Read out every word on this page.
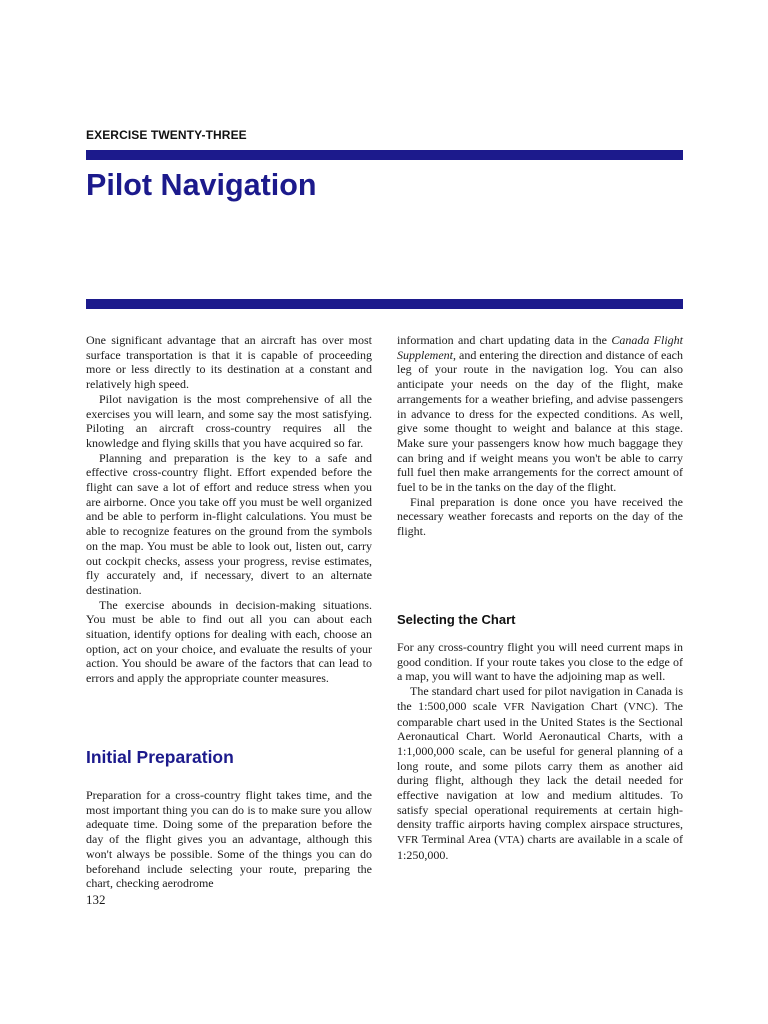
EXERCISE TWENTY-THREE
Pilot Navigation

One significant advantage that an aircraft has over most surface transportation is that it is capable of proceeding more or less directly to its destination at a constant and relatively high speed.

Pilot navigation is the most comprehensive of all the exercises you will learn, and some say the most satisfying. Piloting an aircraft cross-country requires all the knowledge and flying skills that you have acquired so far.

Planning and preparation is the key to a safe and effective cross-country flight. Effort expended before the flight can save a lot of effort and reduce stress when you are airborne. Once you take off you must be well organized and be able to perform in-flight calculations. You must be able to recognize features on the ground from the symbols on the map. You must be able to look out, listen out, carry out cockpit checks, assess your progress, revise estimates, fly accurately and, if necessary, divert to an alternate destination.

The exercise abounds in decision-making situations. You must be able to find out all you can about each situation, identify options for dealing with each, choose an option, act on your choice, and evaluate the results of your action. You should be aware of the factors that can lead to errors and apply the appropriate counter measures.

Initial Preparation

Preparation for a cross-country flight takes time, and the most important thing you can do is to make sure you allow adequate time. Doing some of the preparation before the day of the flight gives you an advantage, although this won't always be possible. Some of the things you can do beforehand include selecting your route, preparing the chart, checking aerodrome

information and chart updating data in the Canada Flight Supplement, and entering the direction and distance of each leg of your route in the navigation log. You can also anticipate your needs on the day of the flight, make arrangements for a weather briefing, and advise passengers in advance to dress for the expected conditions. As well, give some thought to weight and balance at this stage. Make sure your passengers know how much baggage they can bring and if weight means you won't be able to carry full fuel then make arrangements for the correct amount of fuel to be in the tanks on the day of the flight.

Final preparation is done once you have received the necessary weather forecasts and reports on the day of the flight.

Selecting the Chart

For any cross-country flight you will need current maps in good condition. If your route takes you close to the edge of a map, you will want to have the adjoining map as well.

The standard chart used for pilot navigation in Canada is the 1:500,000 scale VFR Navigation Chart (VNC). The comparable chart used in the United States is the Sectional Aeronautical Chart. World Aeronautical Charts, with a 1:1,000,000 scale, can be useful for general planning of a long route, and some pilots carry them as another aid during flight, although they lack the detail needed for effective navigation at low and medium altitudes. To satisfy special operational requirements at certain high-density traffic airports having complex airspace structures, VFR Terminal Area (VTA) charts are available in a scale of 1:250,000.

132
